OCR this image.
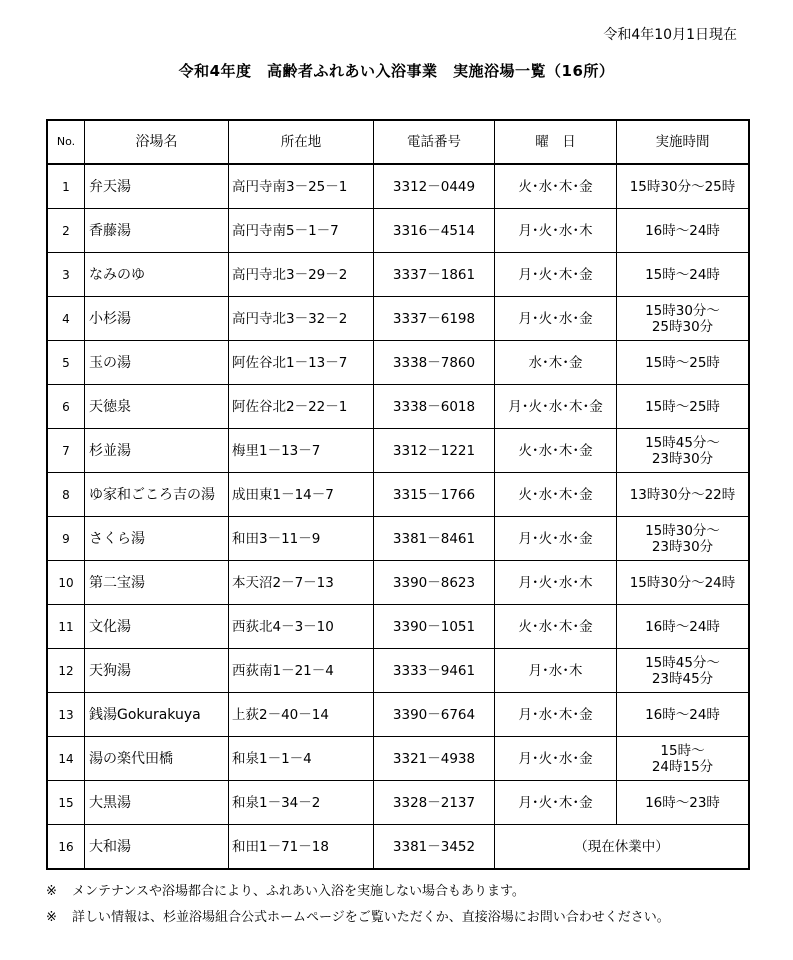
令和4年10月1日現在
令和4年度　高齢者ふれあい入浴事業　実施浴場一覧（16所）
No.	浴場名	所在地	電話番号	曜　日	実施時間
1	弁天湯	高円寺南3－25－1	3312－0449	火･水･木･金	15時30分～25時
2	香藤湯	高円寺南5－1－7	3316－4514	月･火･水･木	16時～24時
3	なみのゆ	高円寺北3－29－2	3337－1861	月･火･木･金	15時～24時
4	小杉湯	高円寺北3－32－2	3337－6198	月･火･水･金	15時30分～
25時30分
5	玉の湯	阿佐谷北1－13－7	3338－7860	水･木･金	15時～25時
6	天徳泉	阿佐谷北2－22－1	3338－6018	月･火･水･木･金	15時～25時
7	杉並湯	梅里1－13－7	3312－1221	火･水･木･金	15時45分～
23時30分
8	ゆ家和ごころ吉の湯	成田東1－14－7	3315－1766	火･水･木･金	13時30分～22時
9	さくら湯	和田3－11－9	3381－8461	月･火･水･金	15時30分～
23時30分
10	第二宝湯	本天沼2－7－13	3390－8623	月･火･水･木	15時30分～24時
11	文化湯	西荻北4－3－10	3390－1051	火･水･木･金	16時～24時
12	天狗湯	西荻南1－21－4	3333－9461	月･水･木	15時45分～
23時45分
13	銭湯Gokurakuya	上荻2－40－14	3390－6764	月･水･木･金	16時～24時
14	湯の楽代田橋	和泉1－1－4	3321－4938	月･火･水･金	15時～
24時15分
15	大黒湯	和泉1－34－2	3328－2137	月･火･木･金	16時～23時
16	大和湯	和田1－71－18	3381－3452	（現在休業中）	
※ メンテナンスや浴場都合により、ふれあい入浴を実施しない場合もあります。
※ 詳しい情報は、杉並浴場組合公式ホームページをご覧いただくか、直接浴場にお問い合わせください。
